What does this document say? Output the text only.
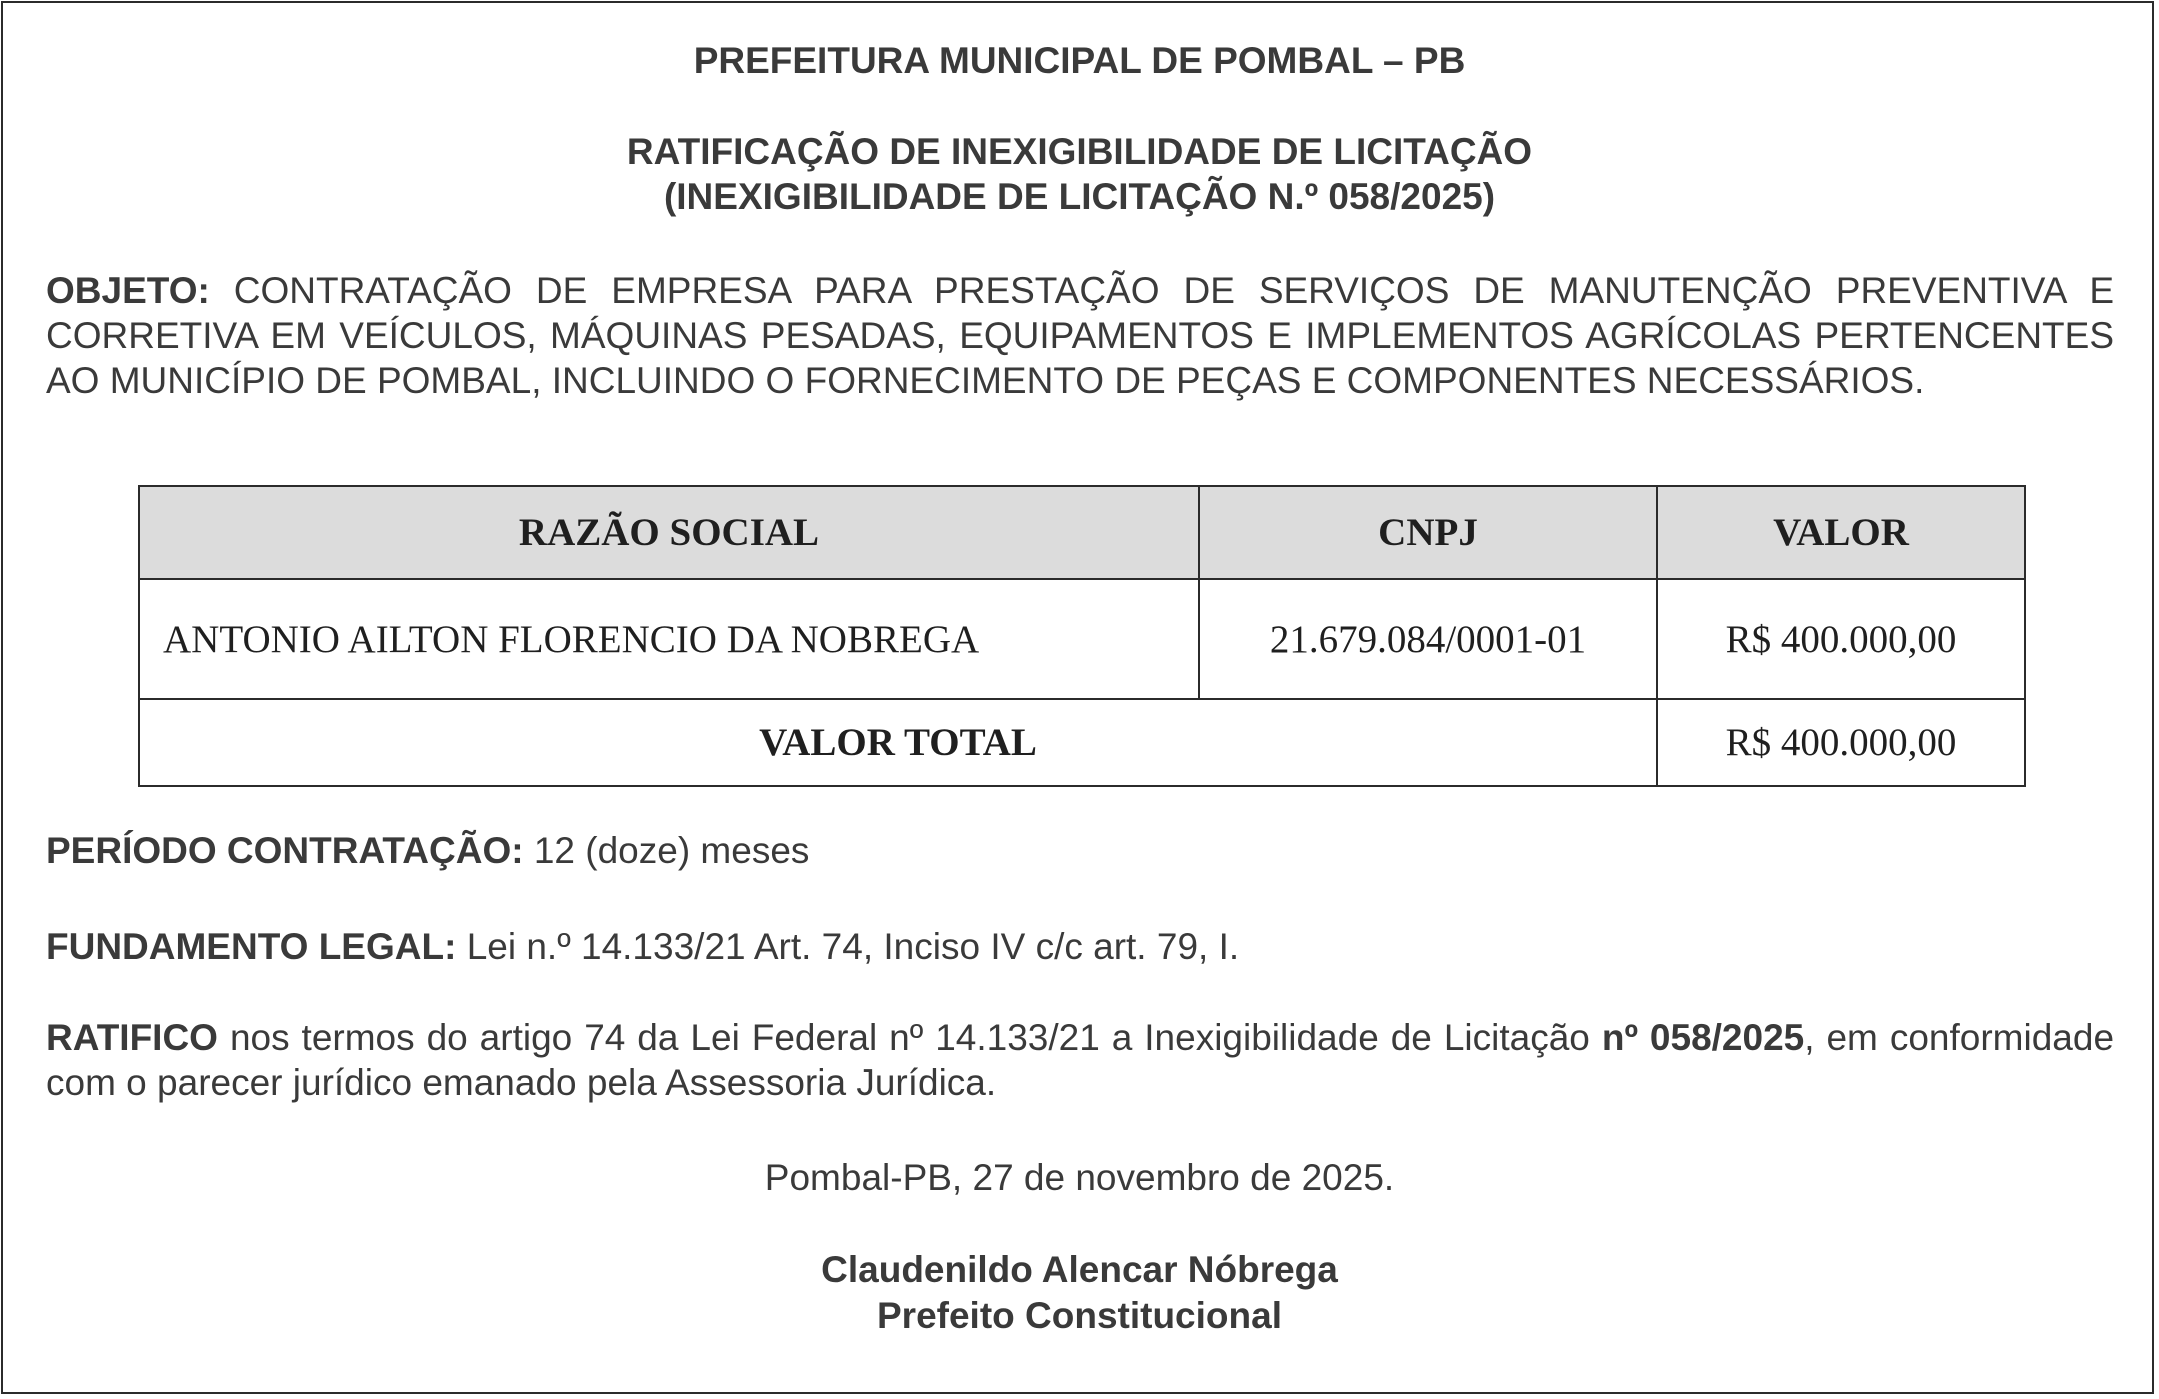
PREFEITURA MUNICIPAL DE POMBAL – PB
RATIFICAÇÃO DE INEXIGIBILIDADE DE LICITAÇÃO
(INEXIGIBILIDADE DE LICITAÇÃO N.º 058/2025)
OBJETO: CONTRATAÇÃO DE EMPRESA PARA PRESTAÇÃO DE SERVIÇOS DE MANUTENÇÃO PREVENTIVA E CORRETIVA EM VEÍCULOS, MÁQUINAS PESADAS, EQUIPAMENTOS E IMPLEMENTOS AGRÍCOLAS PERTENCENTES AO MUNICÍPIO DE POMBAL, INCLUINDO O FORNECIMENTO DE PEÇAS E COMPONENTES NECESSÁRIOS.
RAZÃO SOCIAL	CNPJ	VALOR
ANTONIO AILTON FLORENCIO DA NOBREGA	21.679.084/0001-01	R$ 400.000,00
VALOR TOTAL		R$ 400.000,00
PERÍODO CONTRATAÇÃO: 12 (doze) meses
FUNDAMENTO LEGAL: Lei n.º 14.133/21 Art. 74, Inciso IV c/c art. 79, I.
RATIFICO nos termos do artigo 74 da Lei Federal nº 14.133/21 a Inexigibilidade de Licitação nº 058/2025, em conformidade com o parecer jurídico emanado pela Assessoria Jurídica.
Pombal-PB, 27 de novembro de 2025.
Claudenildo Alencar Nóbrega
Prefeito Constitucional
